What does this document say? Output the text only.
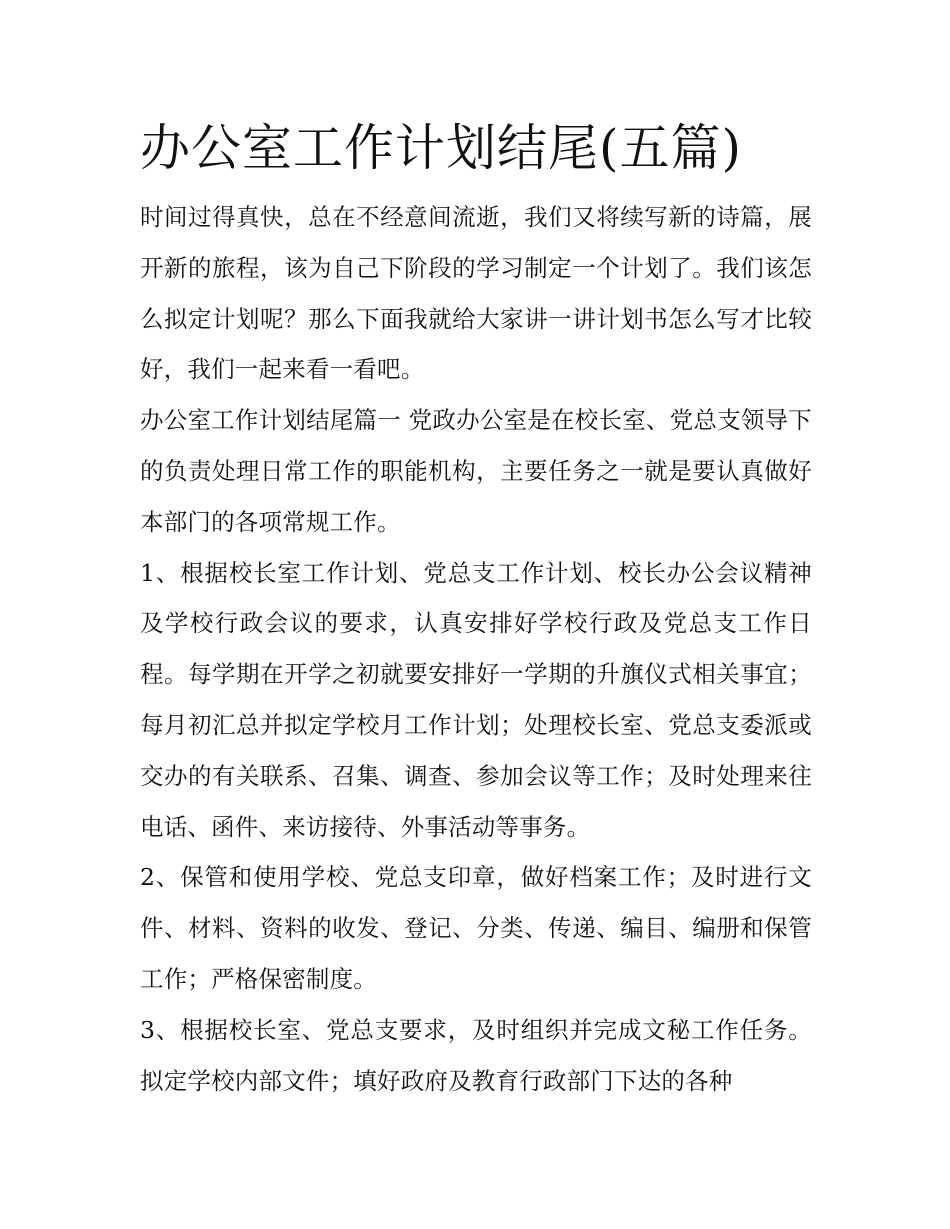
办公室工作计划结尾(五篇)

时间过得真快，总在不经意间流逝，我们又将续写新的诗篇，展开新的旅程，该为自己下阶段的学习制定一个计划了。我们该怎么拟定计划呢？那么下面我就给大家讲一讲计划书怎么写才比较好，我们一起来看一看吧。

办公室工作计划结尾篇一 党政办公室是在校长室、党总支领导下的负责处理日常工作的职能机构，主要任务之一就是要认真做好本部门的各项常规工作。

1、根据校长室工作计划、党总支工作计划、校长办公会议精神及学校行政会议的要求，认真安排好学校行政及党总支工作日程。每学期在开学之初就要安排好一学期的升旗仪式相关事宜；每月初汇总并拟定学校月工作计划；处理校长室、党总支委派或交办的有关联系、召集、调查、参加会议等工作；及时处理来往电话、函件、来访接待、外事活动等事务。

2、保管和使用学校、党总支印章，做好档案工作；及时进行文件、材料、资料的收发、登记、分类、传递、编目、编册和保管工作；严格保密制度。

3、根据校长室、党总支要求，及时组织并完成文秘工作任务。拟定学校内部文件；填好政府及教育行政部门下达的各种
